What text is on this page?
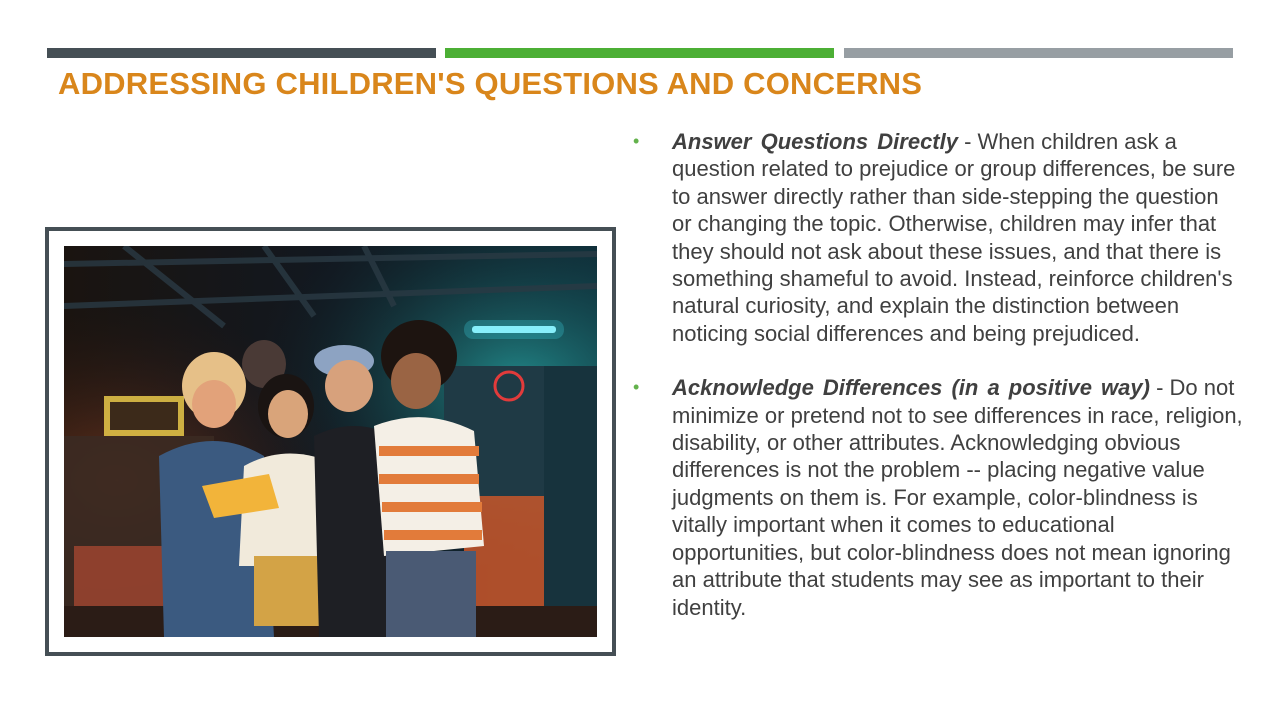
ADDRESSING CHILDREN'S QUESTIONS AND CONCERNS
• Answer Questions Directly - When children ask a question related to prejudice or group differences, be sure to answer directly rather than side-stepping the question or changing the topic. Otherwise, children may infer that they should not ask about these issues, and that there is something shameful to avoid. Instead, reinforce children's natural curiosity, and explain the distinction between noticing social differences and being prejudiced.
• Acknowledge Differences (in a positive way) - Do not minimize or pretend not to see differences in race, religion, disability, or other attributes. Acknowledging obvious differences is not the problem -- placing negative value judgments on them is. For example, color-blindness is vitally important when it comes to educational opportunities, but color-blindness does not mean ignoring an attribute that students may see as important to their identity.
